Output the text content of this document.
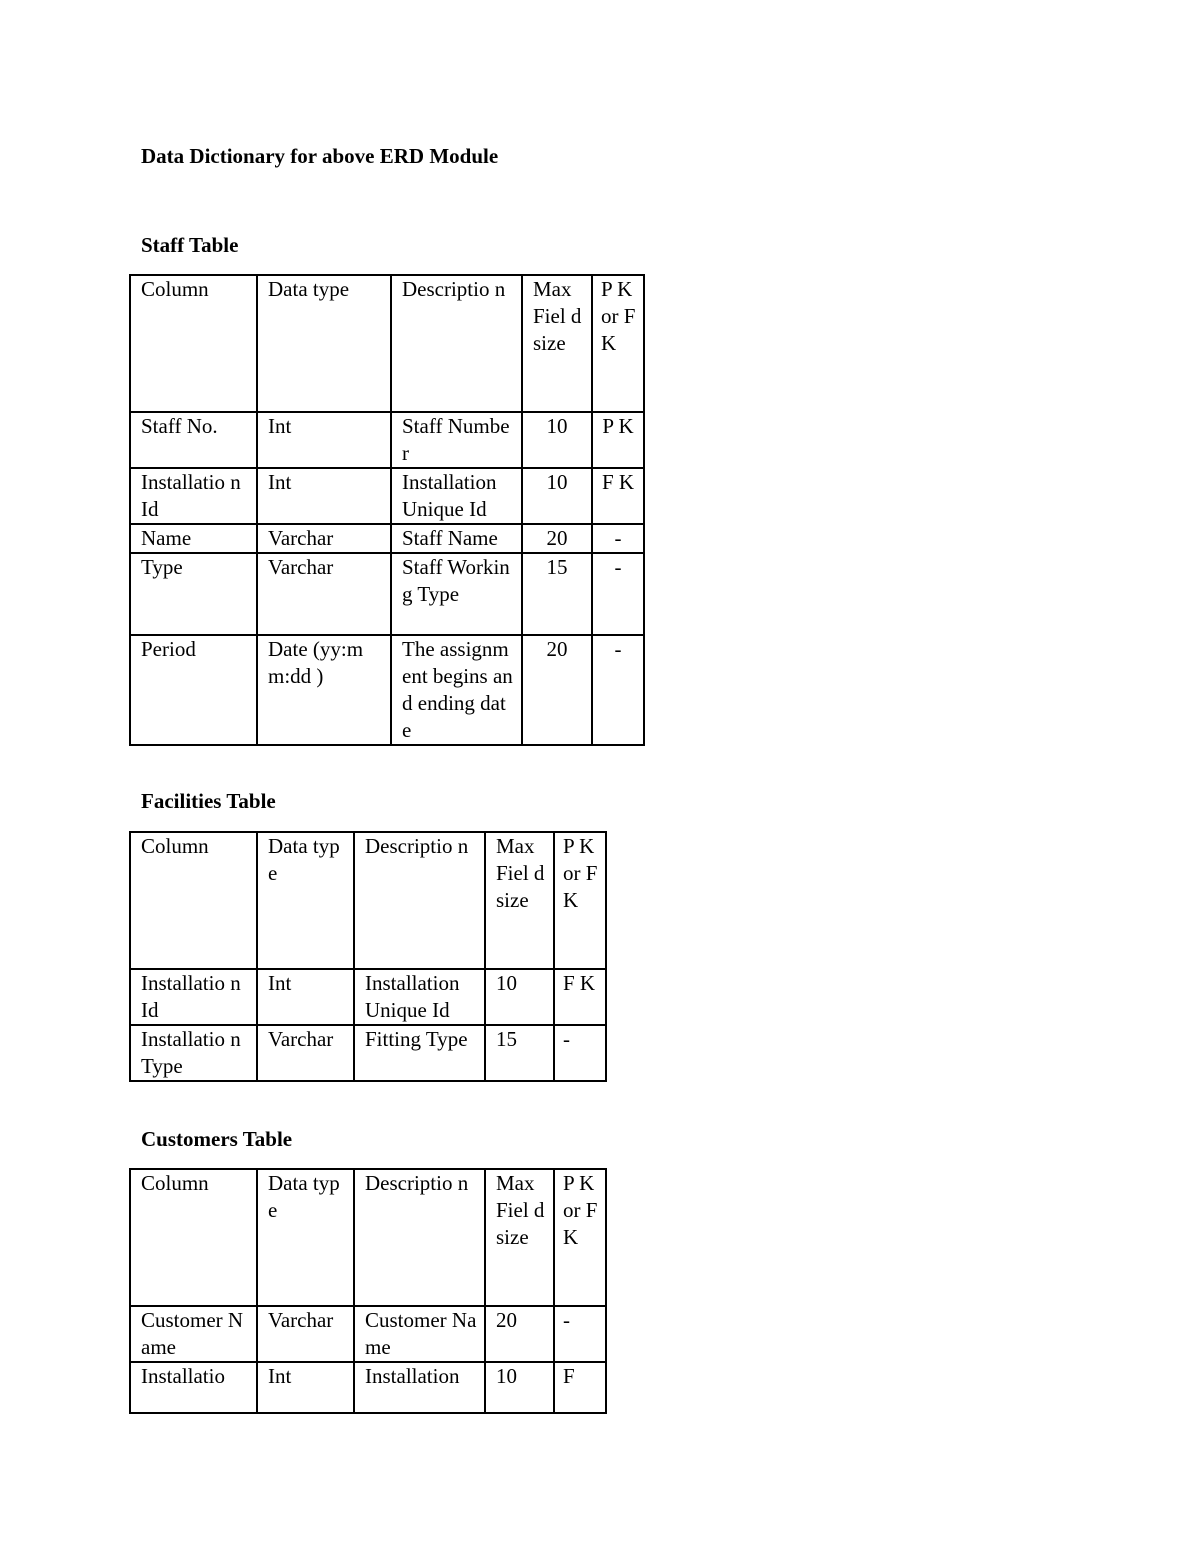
Data Dictionary for above ERD Module
Staff Table
Column	Data type	Descriptio n	Max Fiel d size	P K or F K
Staff No.	Int	Staff Number	10	P K
Installatio n Id	Int	Installation Unique Id	10	F K
Name	Varchar	Staff Name	20	-
Type	Varchar	Staff Working Type	15	-
Period	Date (yy:mm:dd )	The assignment begins and ending date	20	-
Facilities Table
Column	Data type	Descriptio n	Max Fiel d size	P K or F K
Installatio n Id	Int	Installation Unique Id	10	F K
Installatio n Type	Varchar	Fitting Type	15	-
Customers Table
Column	Data type	Descriptio n	Max Fiel d size	P K or F K
Customer Name	Varchar	Customer Name	20	-
Installatio	Int	Installation	10	F
